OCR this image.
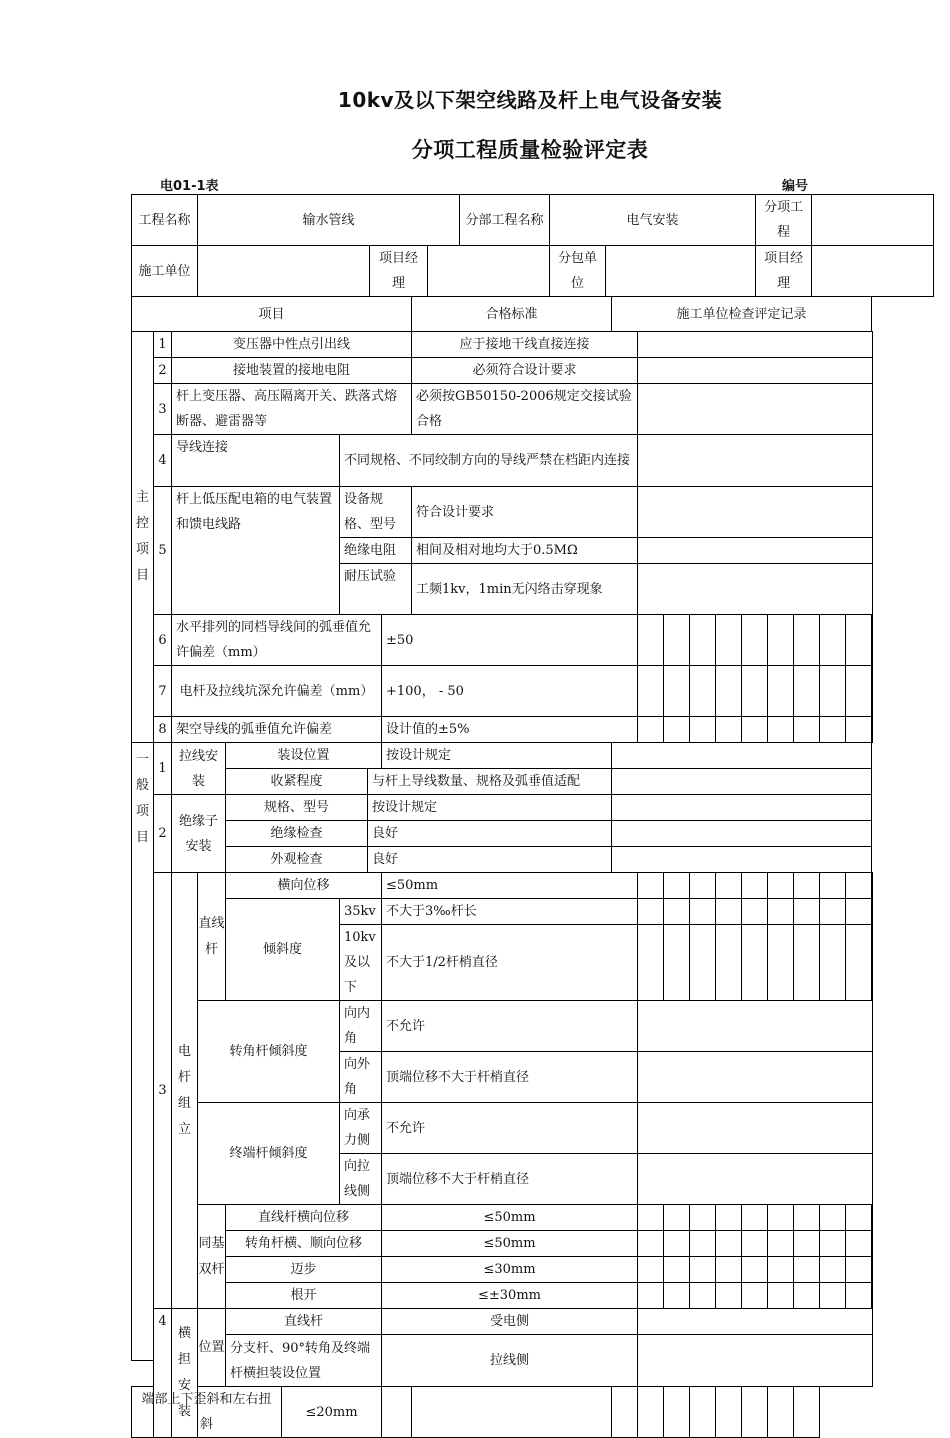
10kv及以下架空线路及杆上电气设备安装
分项工程质量检验评定表
电01-1表	编号
工程名称	输水管线			分部工程名称	电气安装		分项工程	
施工单位		项目经理			分包单位		项目经理	
项目									合格标准	施工单位检查评定记录										
主控项目	1	变压器中性点引出线							应于接地干线直接连接											
	2	接地装置的接地电阻							必须符合设计要求											
	3	杆上变压器、高压隔离开关、跌落式熔断器、避雷器等							必须按GB50150-2006规定交接试验合格											
	4	导线连接				不同规格、不同绞制方向的导线严禁在档距内连接														
	5	杆上低压配电箱的电气装置和馈电线路				设备规格、型号			符合设计要求											
						绝缘电阻			相间及相对地均大于0.5MΩ											
						耐压试验			工频1kv，1min无闪络击穿现象											
	6	水平排列的同档导线间的弧垂值允许偏差（mm）						±50												
	7	电杆及拉线坑深允许偏差（mm）						+100， - 50												
	8	架空导线的弧垂值允许偏差						设计值的±5%												
一般项目	1	拉线安装		装设位置				按设计规定												
				收紧程度			与杆上导线数量、规格及弧垂值适配													
	2	绝缘子安装		规格、型号			按设计规定													
				绝缘检查			良好													
				外观检查			良好													
	3	电杆组立	直线杆	横向位移				≤50mm												
				倾斜度		35kv		不大于3‰杆长												
						10kv及以下		不大于1/2杆梢直径												
			转角杆倾斜度			向内角		不允许												
						向外角		顶端位移不大于杆梢直径												
			终端杆倾斜度			向承力侧		不允许												
						向拉线侧		顶端位移不大于杆梢直径												
			同基双杆	直线杆横向位移				≤50mm												
				转角杆横、顺向位移				≤50mm												
				迈步				≤30mm												
				根开				≤±30mm												
	4	横担安装	位置	直线杆				受电侧												
				分支杆、90°转角及终端杆横担装设位置				拉线侧												

端部上下歪斜和左右扭斜					≤20mm															
